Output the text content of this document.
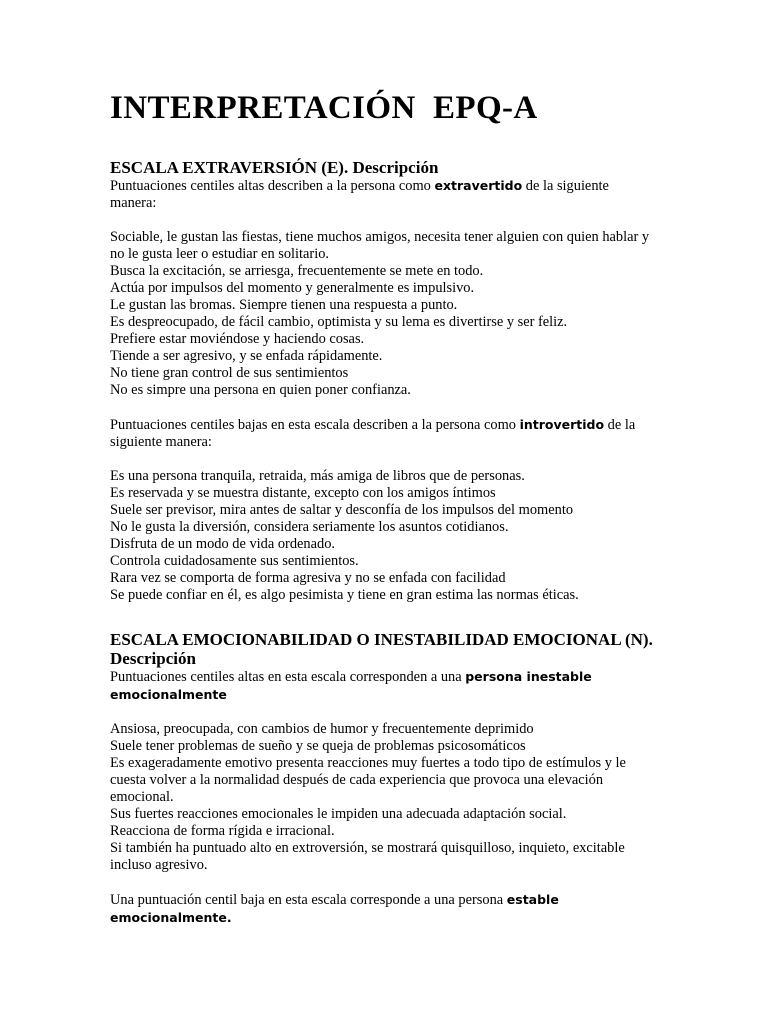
INTERPRETACIÓN  EPQ-A
ESCALA EXTRAVERSIÓN (E). Descripción

Puntuaciones centiles altas describen a la persona como extravertido de la siguiente manera:

Sociable, le gustan las fiestas, tiene muchos amigos, necesita tener alguien con quien hablar y no le gusta leer o estudiar en solitario.
Busca la excitación, se arriesga, frecuentemente se mete en todo.
Actúa por impulsos del momento y generalmente es impulsivo.
Le gustan las bromas. Siempre tienen una respuesta a punto.
Es despreocupado, de fácil cambio, optimista y su lema es divertirse y ser feliz.
Prefiere estar moviéndose y haciendo cosas.
Tiende a ser agresivo, y se enfada rápidamente.
No tiene gran control de sus sentimientos
No es simpre una persona en quien poner confianza.

Puntuaciones centiles bajas en esta escala describen a la persona como introvertido de la siguiente manera:

Es una persona tranquila, retraida, más amiga de libros que de personas.
Es reservada y se muestra distante, excepto con los amigos íntimos
Suele ser previsor, mira antes de saltar y desconfía de los impulsos del momento
No le gusta la diversión, considera seriamente los asuntos cotidianos.
Disfruta de un modo de vida ordenado.
Controla cuidadosamente sus sentimientos.
Rara vez se comporta de forma agresiva y no se enfada con facilidad
Se puede confiar en él, es algo pesimista y tiene en gran estima las normas éticas.
ESCALA EMOCIONABILIDAD O INESTABILIDAD EMOCIONAL (N). Descripción

Puntuaciones centiles altas en esta escala corresponden a una persona inestable emocionalmente

Ansiosa, preocupada, con cambios de humor y frecuentemente deprimido
Suele tener problemas de sueño y se queja de problemas psicosomáticos
Es exageradamente emotivo presenta reacciones muy fuertes a todo tipo de estímulos y le cuesta volver a la normalidad después de cada experiencia que provoca una elevación emocional.
Sus fuertes reacciones emocionales le impiden una adecuada adaptación social.
Reacciona de forma rígida e irracional.
Si también ha puntuado alto en extroversión, se mostrará quisquilloso, inquieto, excitable incluso agresivo.

Una puntuación centil baja en esta escala corresponde a una persona estable emocionalmente.
